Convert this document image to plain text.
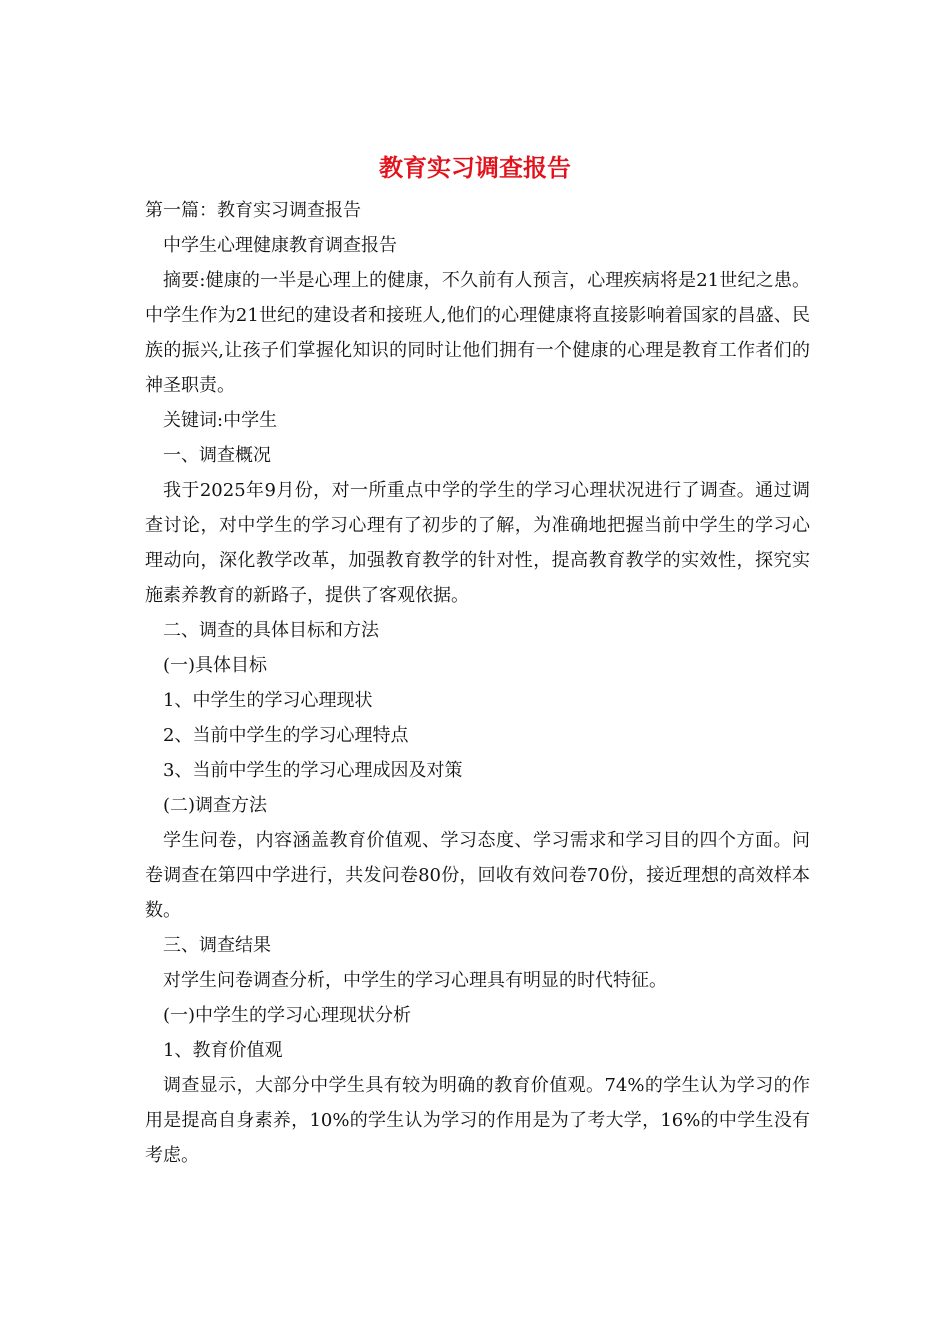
教育实习调查报告

第一篇：教育实习调查报告

中学生心理健康教育调查报告

摘要:健康的一半是心理上的健康，不久前有人预言，心理疾病将是21世纪之患。中学生作为21世纪的建设者和接班人,他们的心理健康将直接影响着国家的昌盛、民族的振兴,让孩子们掌握化知识的同时让他们拥有一个健康的心理是教育工作者们的神圣职责。

关键词:中学生

一、调查概况

我于2025年9月份，对一所重点中学的学生的学习心理状况进行了调查。通过调查讨论，对中学生的学习心理有了初步的了解，为准确地把握当前中学生的学习心理动向，深化教学改革，加强教育教学的针对性，提高教育教学的实效性，探究实施素养教育的新路子，提供了客观依据。

二、调查的具体目标和方法

(一)具体目标

1、中学生的学习心理现状

2、当前中学生的学习心理特点

3、当前中学生的学习心理成因及对策

(二)调查方法

学生问卷，内容涵盖教育价值观、学习态度、学习需求和学习目的四个方面。问卷调查在第四中学进行，共发问卷80份，回收有效问卷70份，接近理想的高效样本数。

三、调查结果

对学生问卷调查分析，中学生的学习心理具有明显的时代特征。

(一)中学生的学习心理现状分析

1、教育价值观

调查显示，大部分中学生具有较为明确的教育价值观。74%的学生认为学习的作用是提高自身素养，10%的学生认为学习的作用是为了考大学，16%的中学生没有考虑。
